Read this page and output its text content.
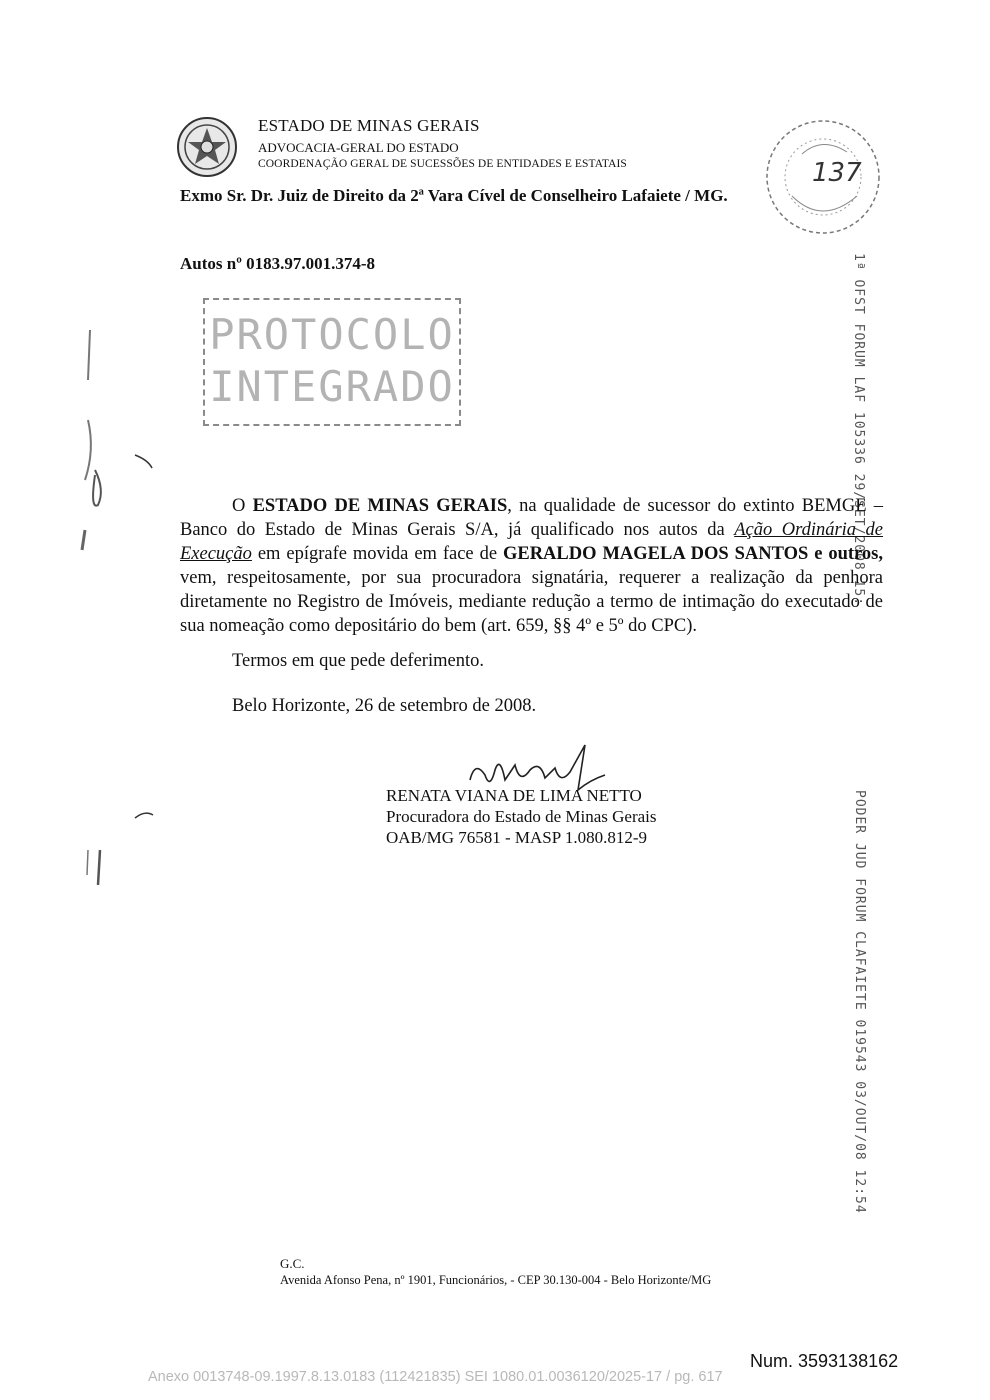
ESTADO DE MINAS GERAIS
ADVOCACIA-GERAL DO ESTADO
COORDENAÇÃO GERAL DE SUCESSÕES DE ENTIDADES E ESTATAIS
Exmo Sr. Dr. Juiz de Direito da 2ª Vara Cível de Conselheiro Lafaiete / MG.
137
Autos nº 0183.97.001.374-8
PROTOCOLO
INTEGRADO	1ª OFST FORUM LAF 105336 29/SET/2008 15:
PODER JUD FORUM CLAFAIETE 019543 03/OUT/08 12:54
O ESTADO DE MINAS GERAIS, na qualidade de sucessor do extinto BEMGE – Banco do Estado de Minas Gerais S/A, já qualificado nos autos da Ação Ordinária de Execução em epígrafe movida em face de GERALDO MAGELA DOS SANTOS e outros, vem, respeitosamente, por sua procuradora signatária, requerer a realização da penhora diretamente no Registro de Imóveis, mediante redução a termo de intimação do executado de sua nomeação como depositário do bem (art. 659, §§ 4º e 5º do CPC).
Termos em que pede deferimento.
Belo Horizonte, 26 de setembro de 2008.
RENATA VIANA DE LIMA NETTO
Procuradora do Estado de Minas Gerais
OAB/MG 76581 - MASP 1.080.812-9
G.C.
Avenida Afonso Pena, nº 1901, Funcionários, - CEP 30.130-004 - Belo Horizonte/MG
Num. 3593138162
Anexo 0013748-09.1997.8.13.0183 (112421835) SEI 1080.01.0036120/2025-17 / pg. 617
